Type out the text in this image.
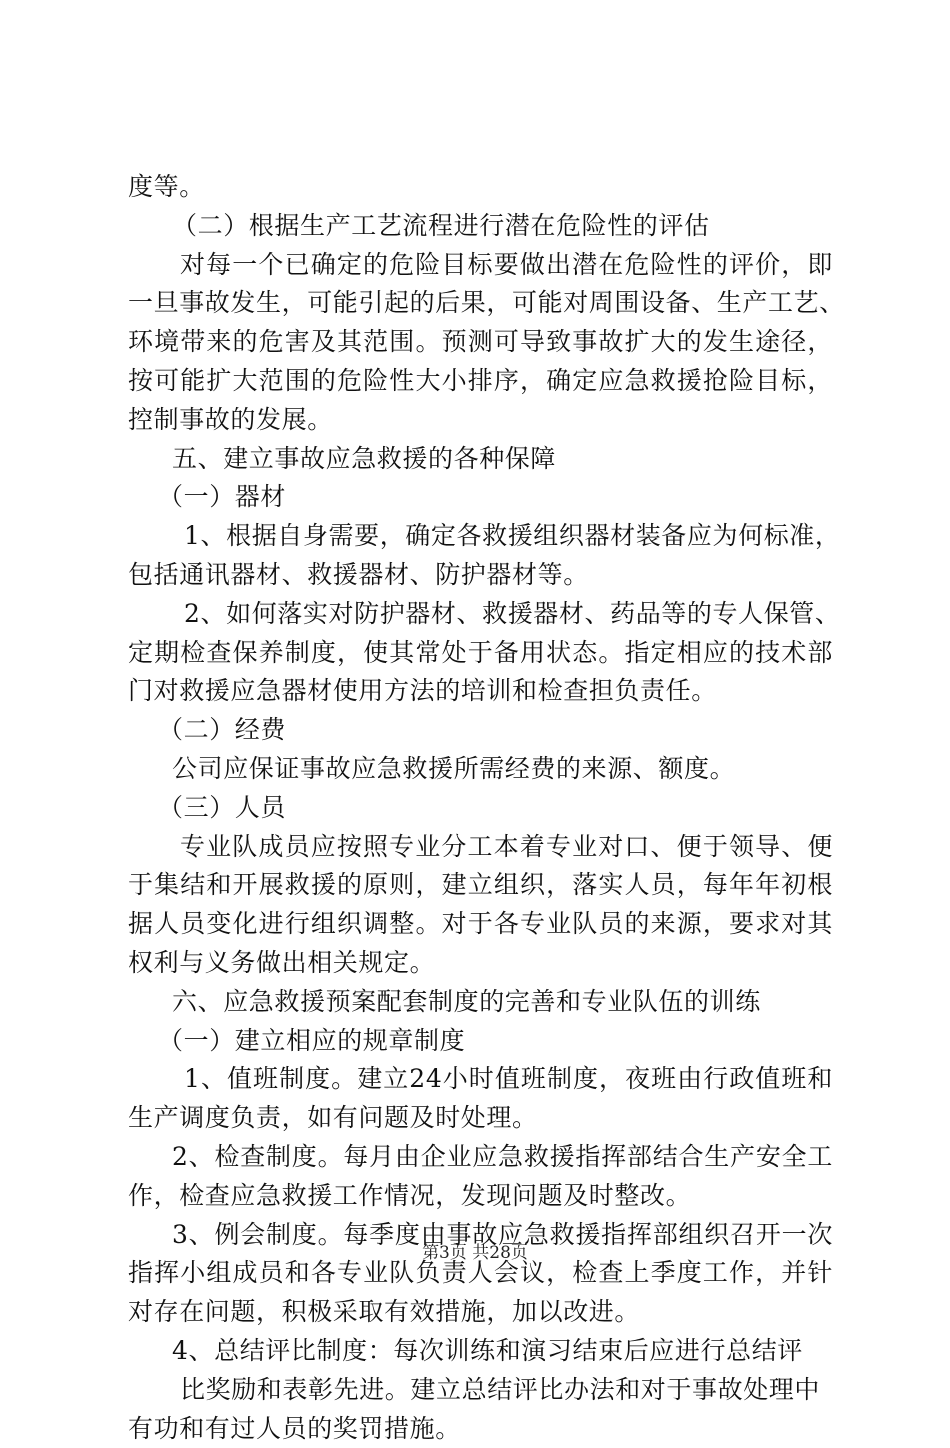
度等。
（二）根据生产工艺流程进行潜在危险性的评估
对每一个已确定的危险目标要做出潜在危险性的评价，即
一旦事故发生，可能引起的后果，可能对周围设备、生产工艺、
环境带来的危害及其范围。预测可导致事故扩大的发生途径，
按可能扩大范围的危险性大小排序，确定应急救援抢险目标，
控制事故的发展。
五、建立事故应急救援的各种保障
（一）器材
1、根据自身需要，确定各救援组织器材装备应为何标准，
包括通讯器材、救援器材、防护器材等。
2、如何落实对防护器材、救援器材、药品等的专人保管、
定期检查保养制度，使其常处于备用状态。指定相应的技术部
门对救援应急器材使用方法的培训和检查担负责任。
（二）经费
公司应保证事故应急救援所需经费的来源、额度。
（三）人员
专业队成员应按照专业分工本着专业对口、便于领导、便
于集结和开展救援的原则，建立组织，落实人员，每年年初根
据人员变化进行组织调整。对于各专业队员的来源，要求对其
权利与义务做出相关规定。
六、应急救援预案配套制度的完善和专业队伍的训练
（一）建立相应的规章制度
1、值班制度。建立24小时值班制度，夜班由行政值班和
生产调度负责，如有问题及时处理。
2、检查制度。每月由企业应急救援指挥部结合生产安全工
作，检查应急救援工作情况，发现问题及时整改。
3、例会制度。每季度由事故应急救援指挥部组织召开一次
指挥小组成员和各专业队负责人会议，检查上季度工作，并针
对存在问题，积极采取有效措施，加以改进。
4、总结评比制度：每次训练和演习结束后应进行总结评
比奖励和表彰先进。建立总结评比办法和对于事故处理中
有功和有过人员的奖罚措施。
第3页 共28页
